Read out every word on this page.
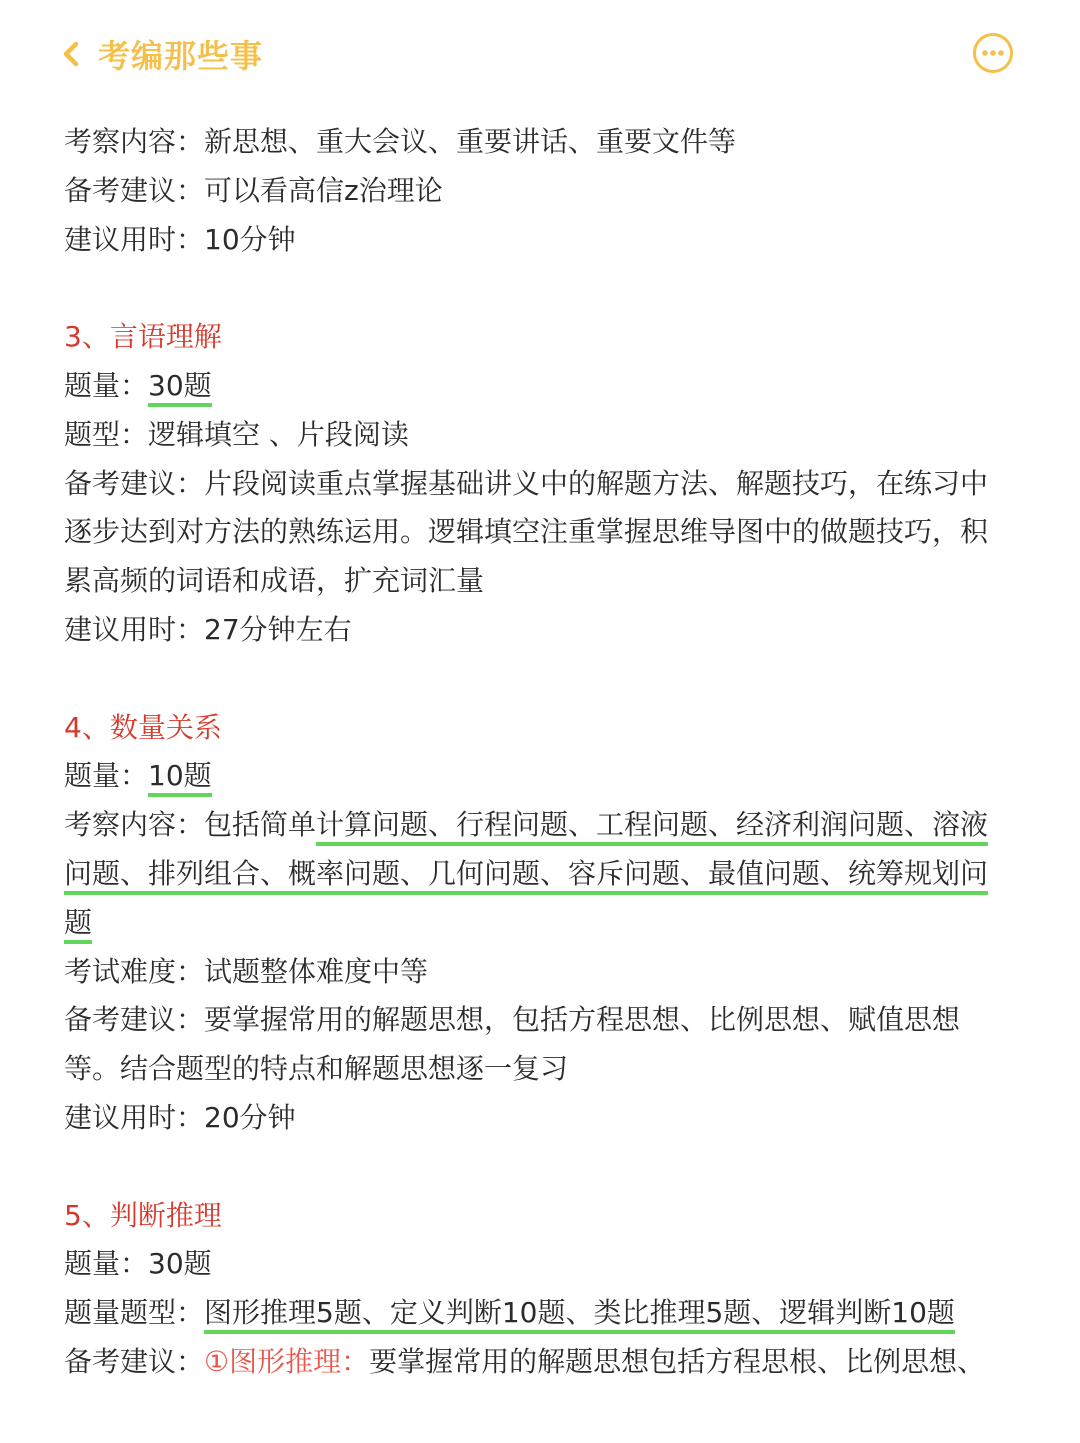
考编那些事
考察内容：新思想、重大会议、重要讲话、重要文件等
备考建议：可以看高信z治理论
建议用时：10分钟
3、言语理解
题量：30题
题型：逻辑填空 、片段阅读
备考建议：片段阅读重点掌握基础讲义中的解题方法、解题技巧，在练习中
逐步达到对方法的熟练运用。逻辑填空注重掌握思维导图中的做题技巧，积
累高频的词语和成语，扩充词汇量
建议用时：27分钟左右
4、数量关系
题量：10题
考察内容：包括简单计算问题、行程问题、工程问题、经济利润问题、溶液
问题、排列组合、概率问题、几何问题、容斥问题、最值问题、统筹规划问
题
考试难度：试题整体难度中等
备考建议：要掌握常用的解题思想，包括方程思想、比例思想、赋值思想
等。结合题型的特点和解题思想逐一复习
建议用时：20分钟
5、判断推理
题量：30题
题量题型：图形推理5题、定义判断10题、类比推理5题、逻辑判断10题
备考建议：①图形推理：要掌握常用的解题思想包括方程思根、比例思想、
